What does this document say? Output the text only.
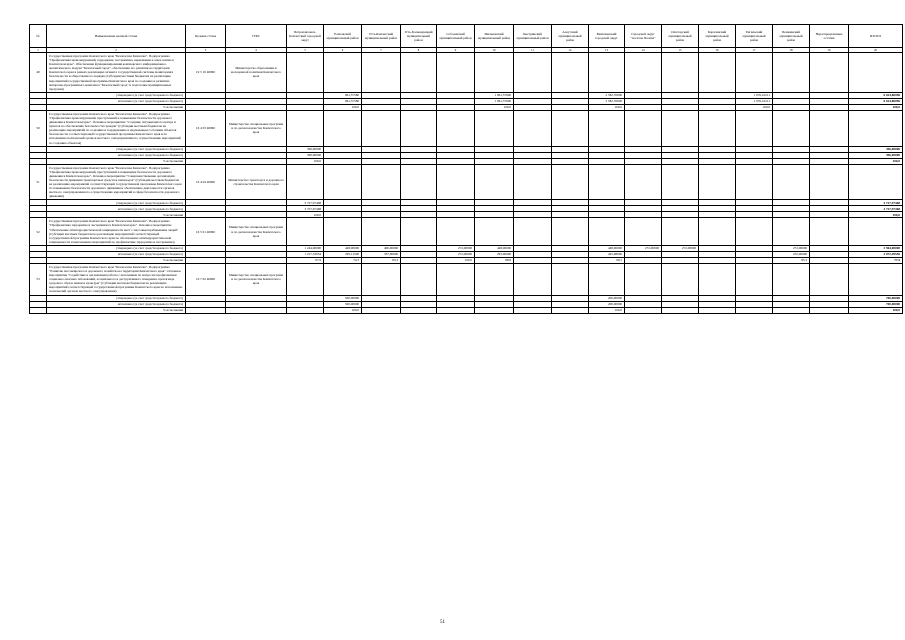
№	Наименование целевой статьи	Целевая статья	ГРБС	Петропавловск-Камчатский городской округ	Елизовский муниципальный район	Усть-Камчатский муниципальный район	Усть-Большерецкий муниципальный район	Соболевский муниципальный район	Мильковский муниципальный район	Быстринский муниципальный район	Алеутский муниципальный район	Вилючинский городской округ	Городской округ "поселок Палана"	Олюторский муниципальный район	Карагинский муниципальный район	Тигильский муниципальный район	Пенжинский муниципальный район	Нераспределенные остатки	ИТОГО
1	2	3	4	5	6	7	8	9	10	11	12	13	14	15	16	17	18	19	20
49	Государственная программа Камчатского края "Безопасная Камчатка". Подпрограмма "Профилактика правонарушений, терроризма, экстремизма, наркомании и алкоголизма в Камчатском крае". Обеспечение функционирования комплексного информационно-аналитического модуля "Безопасный город", обеспечение его развития на территории Камчатского края в рамках реализации сегмента государственной системы мониторинга безопасности и общественного порядка (Субсидии местным бюджетам на реализацию мероприятий государственной программы Камчатского края по созданию и развитию аппаратно-программного комплекса "Безопасный город" и подготовке муниципальных программ)	19 5 10 40060	Министерство образования и молодежной политики Камчатского края																
	утверждено (за счет средств краевого бюджета)				961,37580				1 961,37600			2 582,70000				1 076,41211			6 624,86996
	исполнено (за счет средств краевого бюджета)				961,37580				1 961,37600			2 582,70000				1 076,41211			6 624,86996
	% исполнения				100,0				100,0			100,0				100,0			100,0
50	Государственная программа Камчатского края "Безопасная Камчатка". Подпрограмма "Профилактика правонарушений, преступлений и повышение безопасности дорожного движения в Камчатском крае". Основное мероприятие "Создание ситуационного центра и пунктов по обеспечению безопасности граждан" (Субсидии местным бюджетам на реализацию мероприятий по созданию и поддержанию в надлежащем состоянии объектов безопасности соответствующей государственной программы Камчатского края и по исполнению полномочий органов местного самоуправления по осуществлению мероприятий по созданию объектов)	16 4 03 40060	Министерство специальных программ и по делам казачества Камчатского края																
	утверждено (за счет средств краевого бюджета)			396,00000															396,00000
	исполнено (за счет средств краевого бюджета)			396,00000															396,00000
	% исполнения			100,0															100,0
51	Государственная программа Камчатского края "Безопасная Камчатка". Подпрограмма "Профилактика правонарушений, преступлений и повышение безопасности дорожного движения в Камчатском крае". Основное мероприятие "Совершенствование организации безопасности движения транспортных средств и пешеходов" (Субсидии местным бюджетам на реализацию мероприятий соответствующей государственной программы Камчатского края по повышению безопасности дорожного движения и обеспечению деятельности органов местного самоуправления по осуществлению мероприятий в сфере безопасности дорожного движения)	16 4 04 40060	Министерство транспорта и дорожного строительства Камчатского края																
	утверждено (за счет средств краевого бюджета)			3 727,97468															3 727,97468
	исполнено (за счет средств краевого бюджета)			3 727,97468															3 727,97468
	% исполнения			100,0															100,0
52	Государственная программа Камчатского края "Безопасная Камчатка". Подпрограмма "Профилактика терроризма и экстремизма в Камчатском крае". Основное мероприятие "Обеспечение антитеррористической защищенности мест с массовым пребыванием людей" (Субсидии местным бюджетам на реализацию мероприятий соответствующей государственной программы Камчатского края по обеспечению антитеррористической защищенности и выполнению мероприятий по профилактике терроризма и экстремизма)	16 5 01 40060	Министерство специальных программ и по делам казачества Камчатского края																
	утверждено (за счет средств краевого бюджета)			1 244,00000	448,00000	400,00000		272,00000	448,00000			448,00000	272,00000	272,00000			272,00000		3 964,00000
	исполнено (за счет средств краевого бюджета)			1 217,33054	295,11500	337,00000		272,00000	293,00000			445,98000					232,00000		3 072,49556
	% исполнения			97,9	74,3	83,3		100,0	88,8			99,5					85,3		77,5
53	Государственная программа Камчатского края "Безопасная Камчатка". Подпрограмма "Развитие пассажирского и дорожного хозяйства на территории Камчатского края". Основное мероприятие "Содействие в организации работы с населением по вопросам профилактики социально-опасных заболеваний, асоциального и деструктивного поведения, пропаганде здорового образа жизни и культуры" (Субсидии местным бюджетам на реализацию мероприятий соответствующей государственной программы Камчатского края по исполнению полномочий органов местного самоуправления)	16 7 02 40060	Министерство специальных программ и по делам казачества Камчатского края																
	утверждено (за счет средств краевого бюджета)				500,00000							200,00000							700,00000
	исполнено (за счет средств краевого бюджета)				500,00000							200,00000							700,00000
	% исполнения				100,0							100,0							100,0
51
